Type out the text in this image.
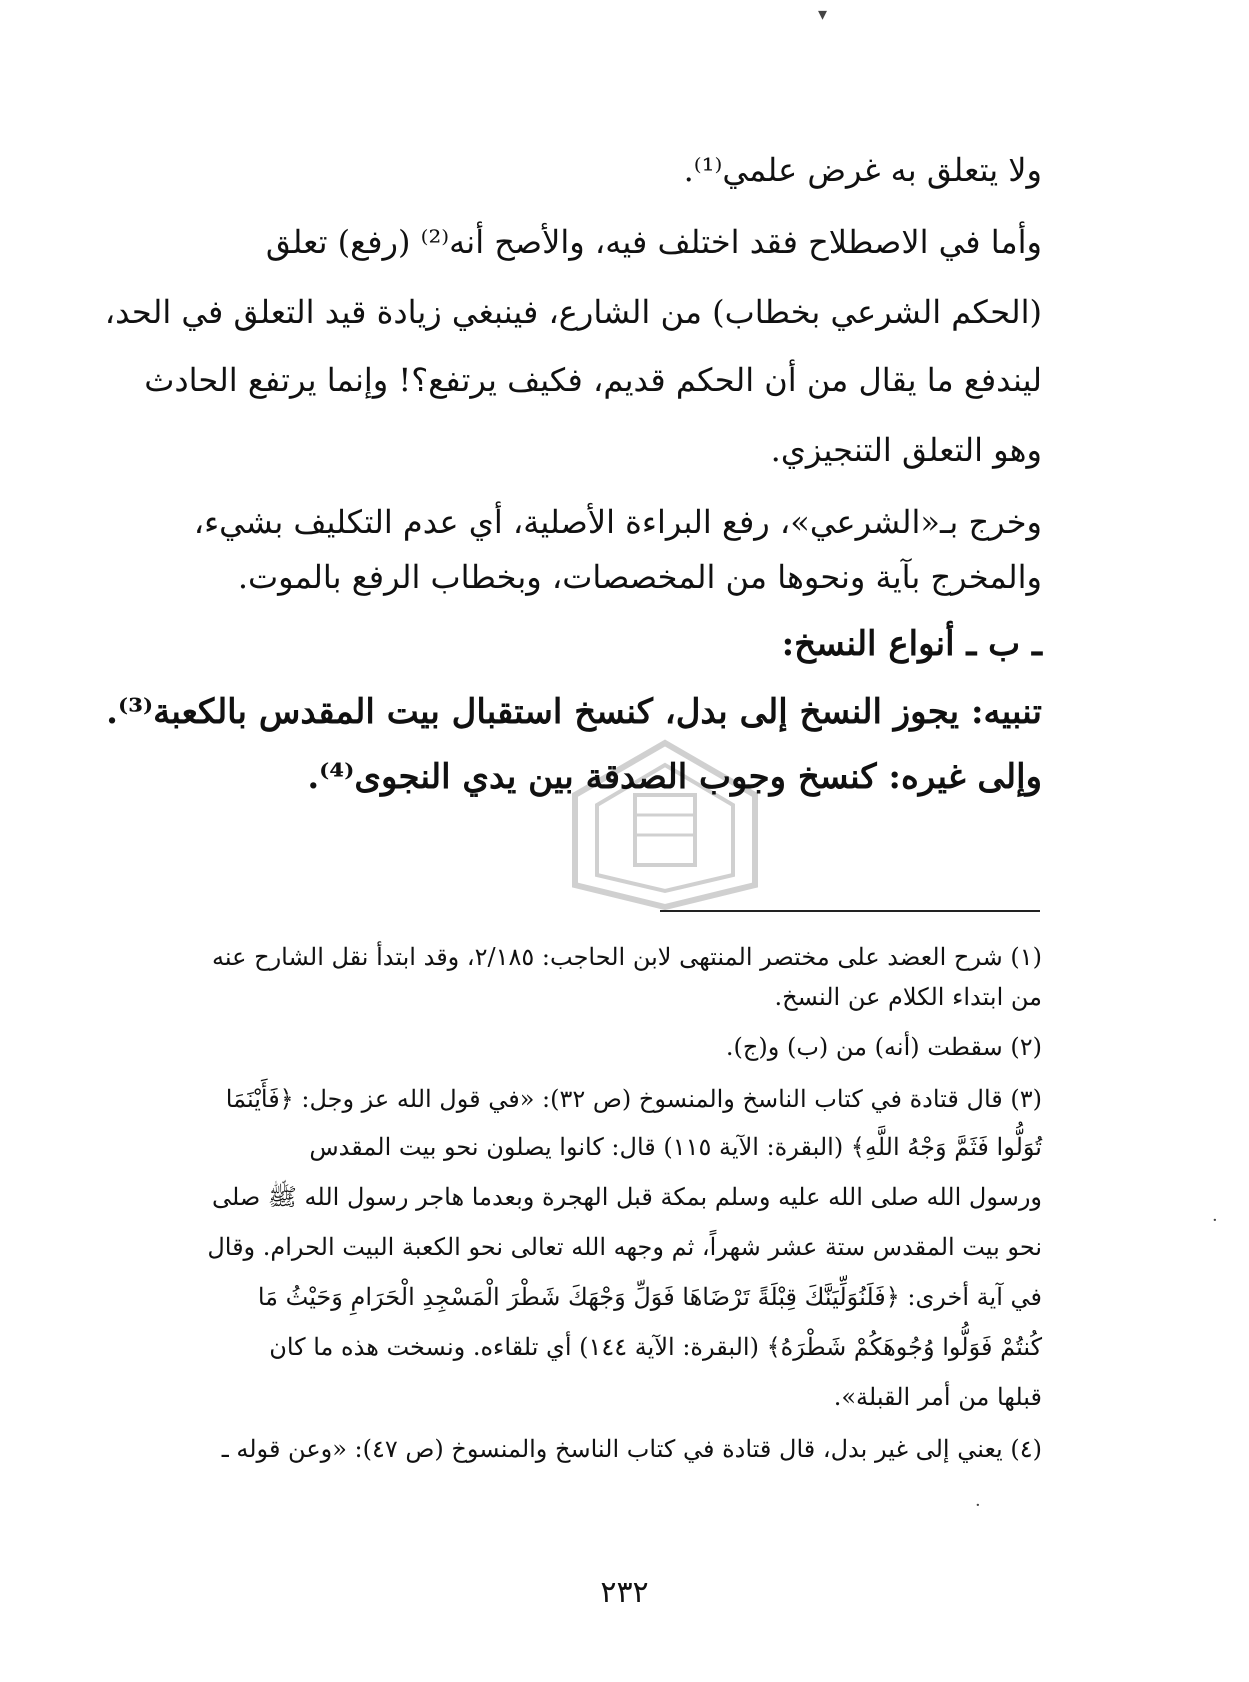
▾
·
·
ولا يتعلق به غرض علمي⁽¹⁾.
وأما في الاصطلاح فقد اختلف فيه، والأصح أنه⁽²⁾ (رفع) تعلق
(الحكم الشرعي بخطاب) من الشارع، فينبغي زيادة قيد التعلق في الحد،
ليندفع ما يقال من أن الحكم قديم، فكيف يرتفع؟! وإنما يرتفع الحادث
وهو التعلق التنجيزي.
وخرج بـ«الشرعي»، رفع البراءة الأصلية، أي عدم التكليف بشيء،
والمخرج بآية ونحوها من المخصصات، وبخطاب الرفع بالموت.
ـ ب ـ أنواع النسخ:
تنبيه: يجوز النسخ إلى بدل، كنسخ استقبال بيت المقدس بالكعبة⁽³⁾.
وإلى غيره: كنسخ وجوب الصدقة بين يدي النجوى⁽⁴⁾.
(١) شرح العضد على مختصر المنتهى لابن الحاجب: ٢/١٨٥، وقد ابتدأ نقل الشارح عنه
من ابتداء الكلام عن النسخ.
(٢) سقطت (أنه) من (ب) و(ج).
(٣) قال قتادة في كتاب الناسخ والمنسوخ (ص ٣٢): «في قول الله عز وجل: ﴿فَأَيْنَمَا
تُوَلُّوا فَثَمَّ وَجْهُ اللَّهِ﴾ (البقرة: الآية ١١٥) قال: كانوا يصلون نحو بيت المقدس
ورسول الله صلى الله عليه وسلم بمكة قبل الهجرة وبعدما هاجر رسول الله ﷺ صلى
نحو بيت المقدس ستة عشر شهراً، ثم وجهه الله تعالى نحو الكعبة البيت الحرام. وقال
في آية أخرى: ﴿فَلَنُوَلِّيَنَّكَ قِبْلَةً تَرْضَاهَا فَوَلِّ وَجْهَكَ شَطْرَ الْمَسْجِدِ الْحَرَامِ وَحَيْثُ مَا
كُنتُمْ فَوَلُّوا وُجُوهَكُمْ شَطْرَهُ﴾ (البقرة: الآية ١٤٤) أي تلقاءه. ونسخت هذه ما كان
قبلها من أمر القبلة».
(٤) يعني إلى غير بدل، قال قتادة في كتاب الناسخ والمنسوخ (ص ٤٧): «وعن قوله ـ
٢٣٢
